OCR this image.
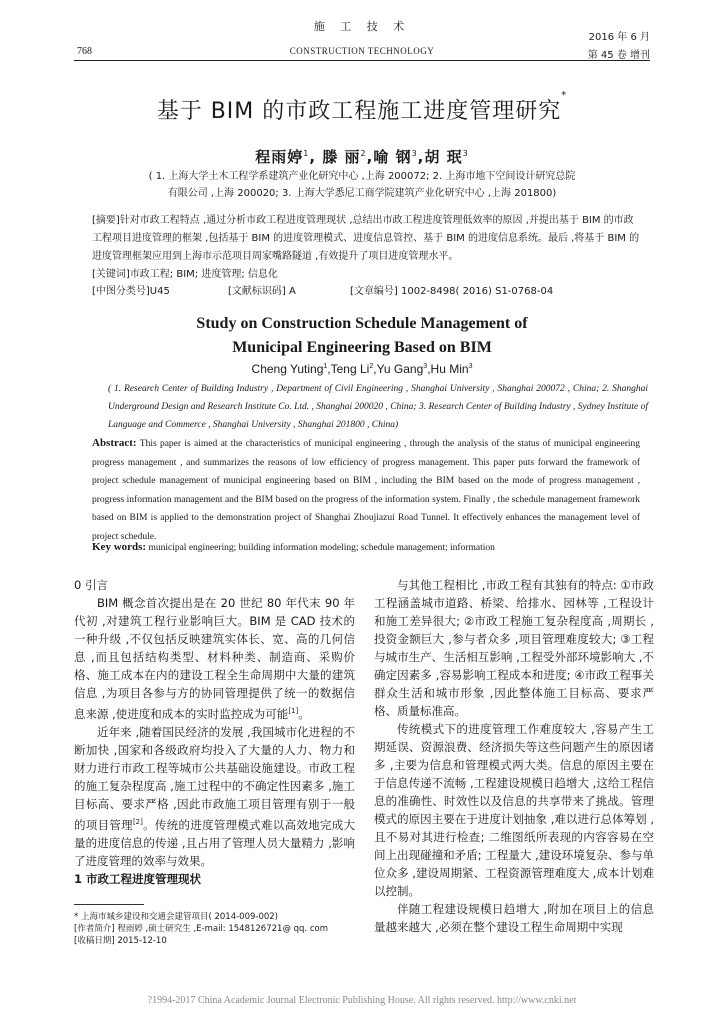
施 工 技 术
CONSTRUCTION TECHNOLOGY
768
2016 年 6 月
第 45 卷 增刊
基于 BIM 的市政工程施工进度管理研究*
程雨婷$^1$, 滕 丽$^2$,喻 钢$^3$,胡 珉$^3$
( 1. 上海大学土木工程学系建筑产业化研究中心 ,上海 200072; 2. 上海市地下空间设计研究总院
有限公司 ,上海 200020; 3. 上海大学悉尼工商学院建筑产业化研究中心 ,上海 201800)
[摘要]针对市政工程特点 ,通过分析市政工程进度管理现状 ,总结出市政工程进度管理低效率的原因 ,并提出基于 BIM 的市政工程项目进度管理的框架 ,包括基于 BIM 的进度管理模式、进度信息管控、基于 BIM 的进度信息系统。最后 ,将基于 BIM 的进度管理框架应用到上海市示范项目周家嘴路隧道 ,有效提升了项目进度管理水平。
[关键词]市政工程; BIM; 进度管理; 信息化
[中图分类号]U45	[文献标识码] A	[文章编号] 1002-8498( 2016) S1-0768-04
Study on Construction Schedule Management of
Municipal Engineering Based on BIM
Cheng Yuting$^1$,Teng Li$^2$,Yu Gang$^3$,Hu Min$^3$
( 1. Research Center of Building Industry , Department of Civil Engineering , Shanghai University , Shanghai 200072 , China; 2. Shanghai Underground Design and Research Institute Co. Ltd. , Shanghai 200020 , China; 3. Research Center of Building Industry , Sydney Institute of Language and Commerce , Shanghai University , Shanghai 201800 , China)
Abstract: This paper is aimed at the characteristics of municipal engineering , through the analysis of the status of municipal engineering progress management , and summarizes the reasons of low efficiency of progress management. This paper puts forward the framework of project schedule management of municipal engineering based on BIM , including the BIM based on the mode of progress management , progress information management and the BIM based on the progress of the information system. Finally , the schedule management framework based on BIM is applied to the demonstration project of Shanghai Zhoujiazui Road Tunnel. It effectively enhances the management level of project schedule.
Key words: municipal engineering; building information modeling; schedule management; information

0 引言

BIM 概念首次提出是在 20 世纪 80 年代末 90 年代初 ,对建筑工程行业影响巨大。BIM 是 CAD 技术的一种升级 ,不仅包括反映建筑实体长、宽、高的几何信息 ,而且包括结构类型、材料种类、制造商、采购价格、施工成本在内的建设工程全生命周期中大量的建筑信息 ,为项目各参与方的协同管理提供了统一的数据信息来源 ,使进度和成本的实时监控成为可能[1]。

近年来 ,随着国民经济的发展 ,我国城市化进程的不断加快 ,国家和各级政府均投入了大量的人力、物力和财力进行市政工程等城市公共基础设施建设。市政工程的施工复杂程度高 ,施工过程中的不确定性因素多 ,施工目标高、要求严格 ,因此市政施工项目管理有别于一般的项目管理[2]。传统的进度管理模式难以高效地完成大量的进度信息的传递 ,且占用了管理人员大量精力 ,影响了进度管理的效率与效果。

1 市政工程进度管理现状

与其他工程相比 ,市政工程有其独有的特点: ①市政工程涵盖城市道路、桥梁、给排水、园林等 ,工程设计和施工差异很大; ②市政工程施工复杂程度高 ,周期长 ,投资金额巨大 ,参与者众多 ,项目管理难度较大; ③工程与城市生产、生活相互影响 ,工程受外部环境影响大 ,不确定因素多 ,容易影响工程成本和进度; ④市政工程事关群众生活和城市形象 ,因此整体施工目标高、要求严格、质量标准高。

传统模式下的进度管理工作难度较大 ,容易产生工期延误、资源浪费、经济损失等这些问题产生的原因诸多 ,主要为信息和管理模式两大类。信息的原因主要在于信息传递不流畅 ,工程建设规模日趋增大 ,这给工程信息的准确性、时效性以及信息的共享带来了挑战。管理模式的原因主要在于进度计划抽象 ,难以进行总体筹划 ,且不易对其进行检查; 二维图纸所表现的内容容易在空间上出现碰撞和矛盾; 工程量大 ,建设环境复杂、参与单位众多 ,建设周期紧、工程资源管理难度大 ,成本计划难以控制。

伴随工程建设规模日趋增大 ,附加在项目上的信息量越来越大 ,必须在整个建设工程生命周期中实现

* 上海市城乡建设和交通会建管项目( 2014-009-002)
[作者简介] 程雨婷 ,硕士研究生 ,E-mail: 1548126721@ qq. com
[收稿日期] 2015-12-10
?1994-2017 China Academic Journal Electronic Publishing House. All rights reserved. http://www.cnki.net
